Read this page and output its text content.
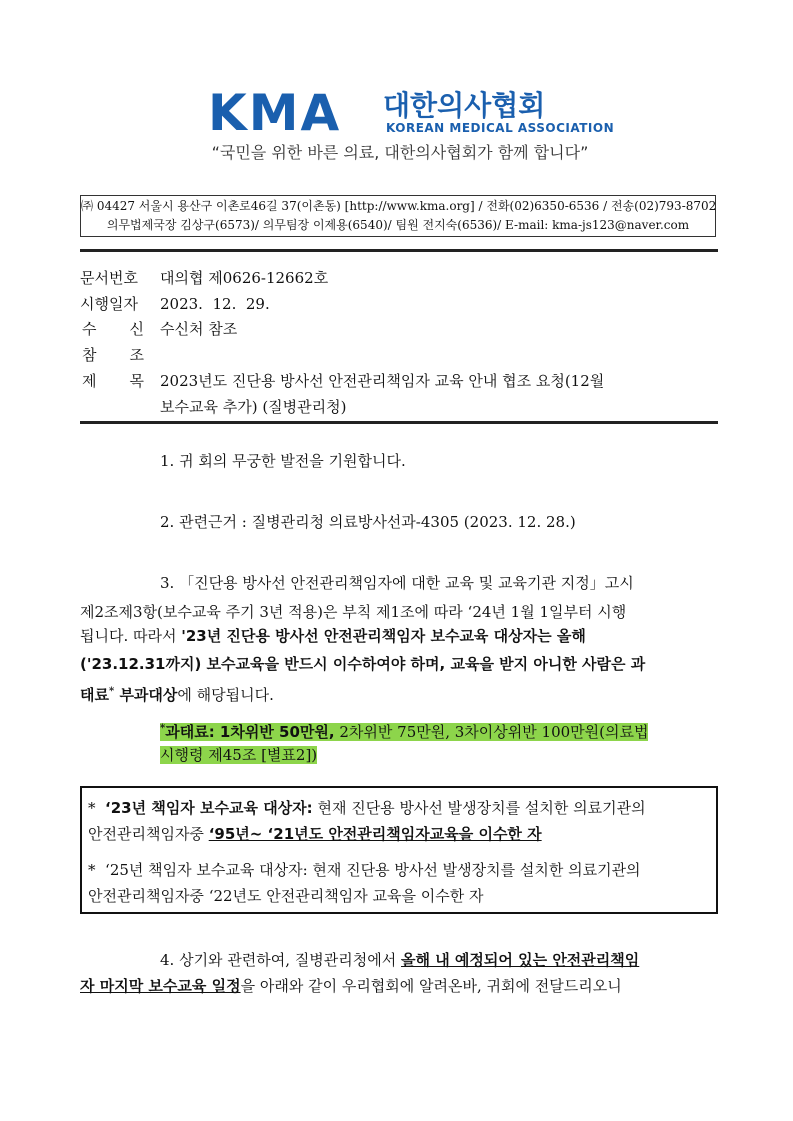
KMA 대한의사협회
KOREAN MEDICAL ASSOCIATION
“국민을 위한 바른 의료, 대한의사협회가 함께 합니다”
㈜ 04427 서울시 용산구 이촌로46길 37(이촌동) [http://www.kma.org] / 전화(02)6350-6536 / 전송(02)793-8702
의무법제국장 김상구(6573)/ 의무팀장 이제용(6540)/ 팀원 전지숙(6536)/ E-mail: kma-js123@naver.com
문서번호 대의협 제0626-12662호
시행일자 2023.  12.  29.
수 신 수신처 참조
참 조
제 목 2023년도 진단용 방사선 안전관리책임자 교육 안내 협조 요청(12월
보수교육 추가) (질병관리청)
1. 귀 회의 무궁한 발전을 기원합니다.
2. 관련근거 : 질병관리청 의료방사선과-4305 (2023. 12. 28.)
3. 「진단용 방사선 안전관리책임자에 대한 교육 및 교육기관 지정」고시
제2조제3항(보수교육 주기 3년 적용)은 부칙 제1조에 따라 ‘24년 1월 1일부터 시행
됩니다. 따라서 '23년 진단용 방사선 안전관리책임자 보수교육 대상자는 올해
('23.12.31까지) 보수교육을 반드시 이수하여야 하며, 교육을 받지 아니한 사람은 과
태료* 부과대상에 해당됩니다.
*과태료: 1차위반 50만원, 2차위반 75만원, 3차이상위반 100만원(의료법
시행령 제45조 [별표2])
* ‘23년 책임자 보수교육 대상자: 현재 진단용 방사선 발생장치를 설치한 의료기관의
안전관리책임자중 ‘95년~ ‘21년도 안전관리책임자교육을 이수한 자
* ‘25년 책임자 보수교육 대상자: 현재 진단용 방사선 발생장치를 설치한 의료기관의
안전관리책임자중 ‘22년도 안전관리책임자 교육을 이수한 자
4. 상기와 관련하여, 질병관리청에서 올해 내 예정되어 있는 안전관리책임
자 마지막 보수교육 일정을 아래와 같이 우리협회에 알려온바, 귀회에 전달드리오니
